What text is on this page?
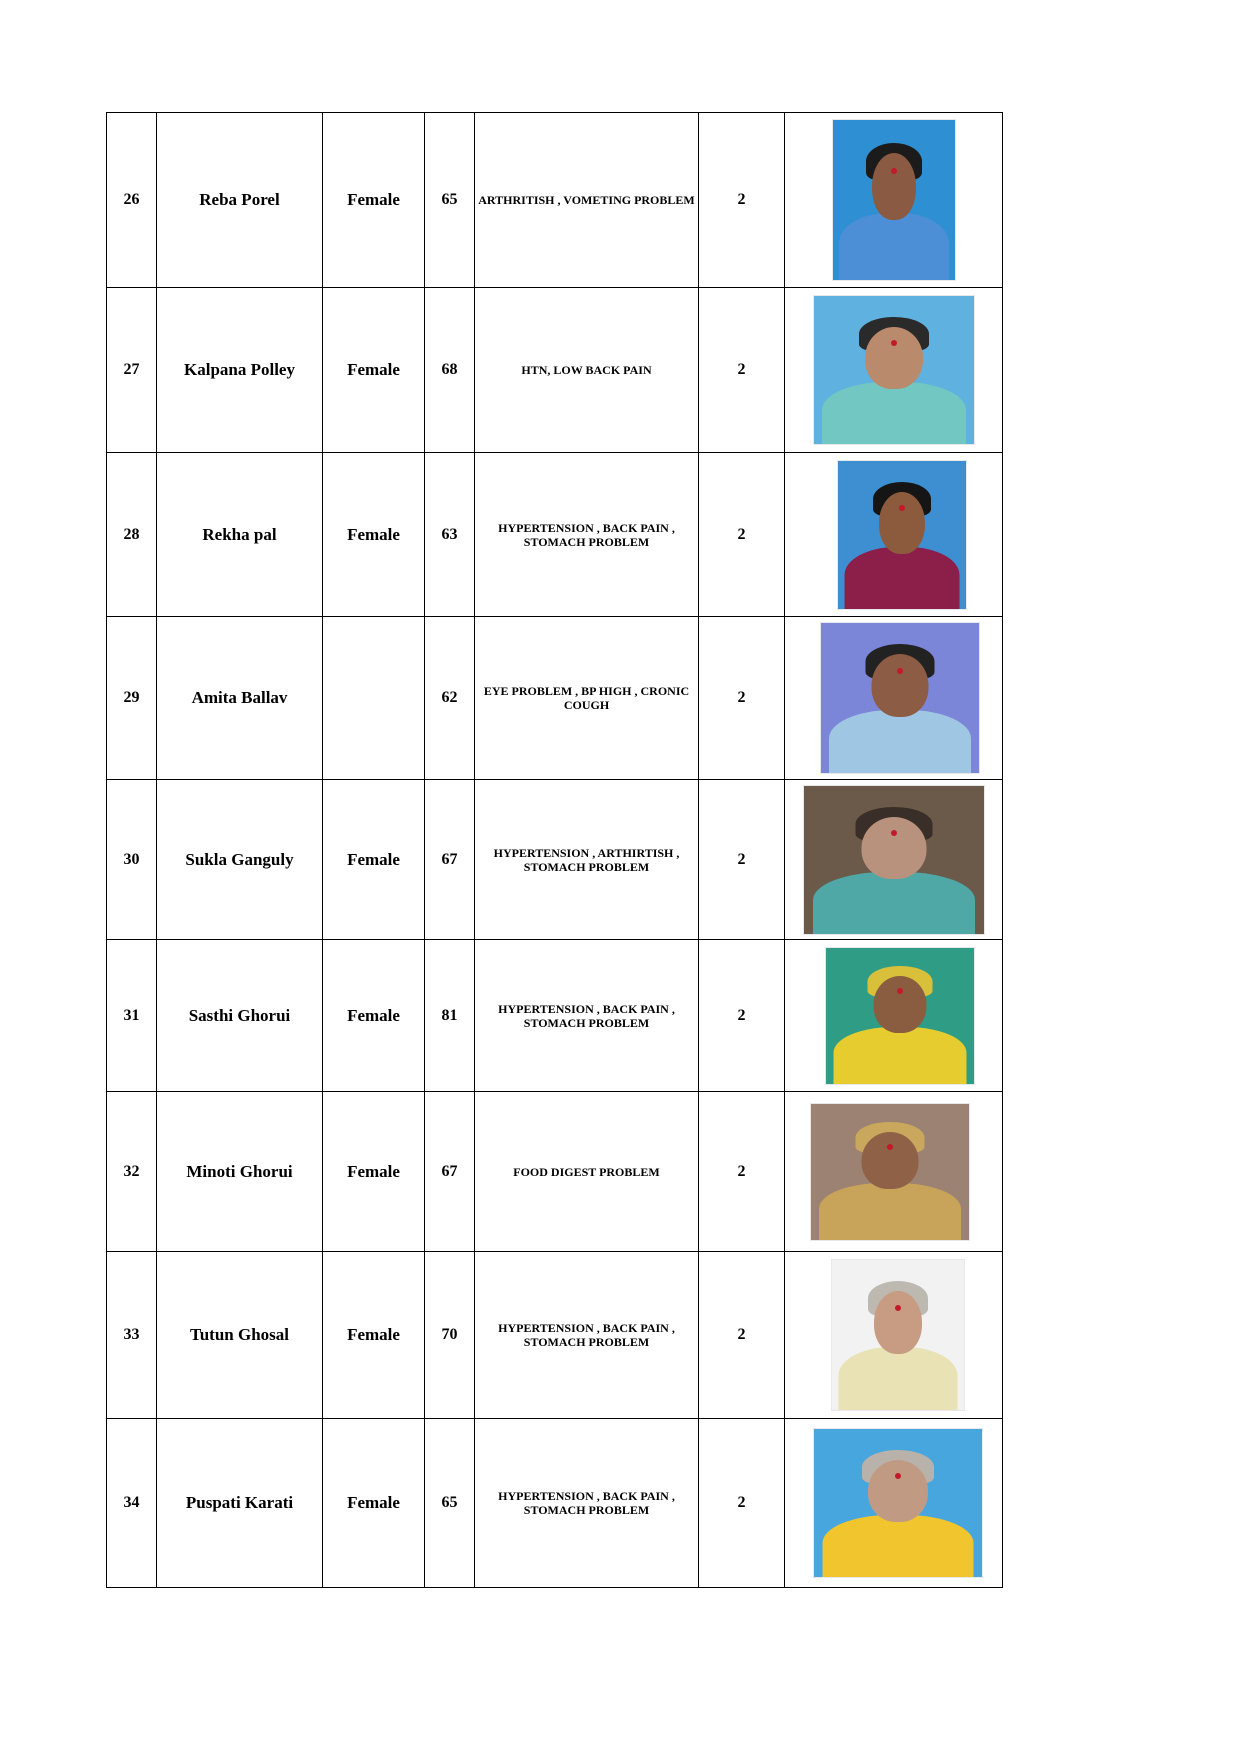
26	Reba Porel	Female	65	ARTHRITISH , VOMETING PROBLEM	2	

27	Kalpana Polley	Female	68	HTN, LOW BACK PAIN	2	

28	Rekha pal	Female	63	HYPERTENSION , BACK PAIN , STOMACH PROBLEM	2	

29	Amita Ballav		62	EYE PROBLEM , BP HIGH , CRONIC COUGH	2	

30	Sukla Ganguly	Female	67	HYPERTENSION , ARTHIRTISH , STOMACH PROBLEM	2	

31	Sasthi Ghorui	Female	81	HYPERTENSION , BACK PAIN , STOMACH PROBLEM	2	

32	Minoti Ghorui	Female	67	FOOD DIGEST PROBLEM	2	

33	Tutun Ghosal	Female	70	HYPERTENSION , BACK PAIN , STOMACH PROBLEM	2	

34	Puspati Karati	Female	65	HYPERTENSION , BACK PAIN , STOMACH PROBLEM	2	
